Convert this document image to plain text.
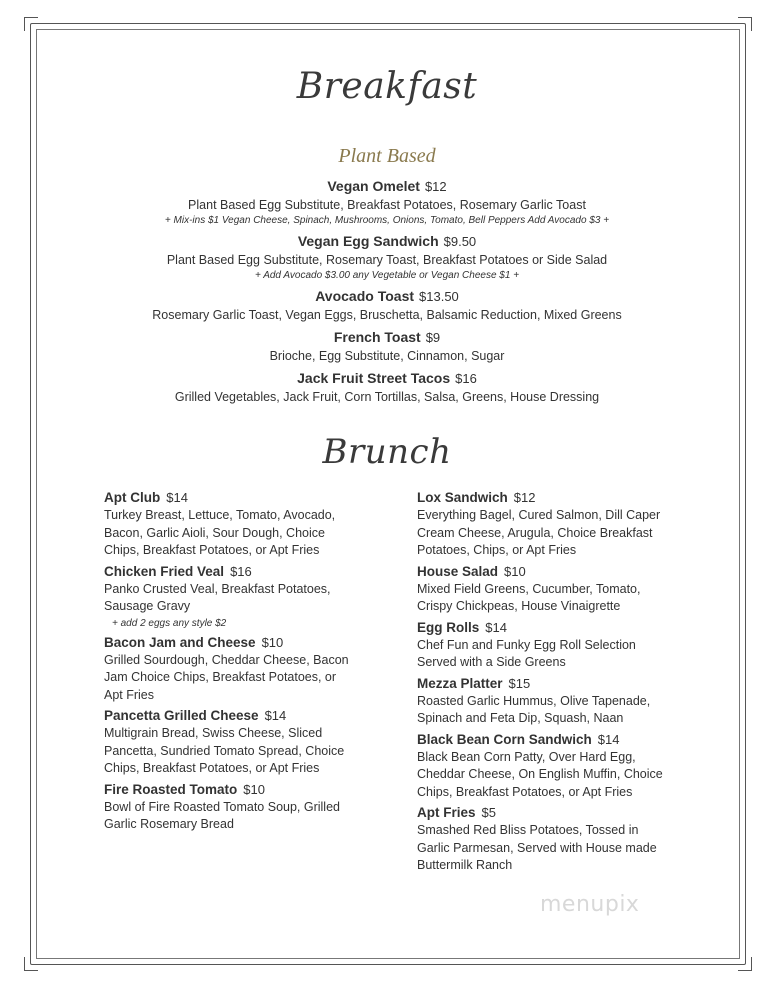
Breakfast
Plant Based
Vegan Omelet $12
Plant Based Egg Substitute, Breakfast Potatoes, Rosemary Garlic Toast
+ Mix-ins $1 Vegan Cheese, Spinach, Mushrooms, Onions, Tomato, Bell Peppers Add Avocado $3 +
Vegan Egg Sandwich $9.50
Plant Based Egg Substitute, Rosemary Toast, Breakfast Potatoes or Side Salad
+ Add Avocado $3.00 any Vegetable or Vegan Cheese $1 +
Avocado Toast $13.50
Rosemary Garlic Toast, Vegan Eggs, Bruschetta, Balsamic Reduction, Mixed Greens
French Toast $9
Brioche, Egg Substitute, Cinnamon, Sugar
Jack Fruit Street Tacos $16
Grilled Vegetables, Jack Fruit, Corn Tortillas, Salsa, Greens, House Dressing
Brunch
Apt Club $14
Turkey Breast, Lettuce, Tomato, Avocado,
Bacon, Garlic Aioli, Sour Dough, Choice
Chips, Breakfast Potatoes, or Apt Fries
Chicken Fried Veal $16
Panko Crusted Veal, Breakfast Potatoes,
Sausage Gravy
+ add 2 eggs any style $2
Bacon Jam and Cheese $10
Grilled Sourdough, Cheddar Cheese, Bacon
Jam Choice Chips, Breakfast Potatoes, or
Apt Fries
Pancetta Grilled Cheese $14
Multigrain Bread, Swiss Cheese, Sliced
Pancetta, Sundried Tomato Spread, Choice
Chips, Breakfast Potatoes, or Apt Fries
Fire Roasted Tomato $10
Bowl of Fire Roasted Tomato Soup, Grilled
Garlic Rosemary Bread
Lox Sandwich $12
Everything Bagel, Cured Salmon, Dill Caper
Cream Cheese, Arugula, Choice Breakfast
Potatoes, Chips, or Apt Fries
House Salad $10
Mixed Field Greens, Cucumber, Tomato,
Crispy Chickpeas, House Vinaigrette
Egg Rolls $14
Chef Fun and Funky Egg Roll Selection
Served with a Side Greens
Mezza Platter $15
Roasted Garlic Hummus, Olive Tapenade,
Spinach and Feta Dip, Squash, Naan
Black Bean Corn Sandwich $14
Black Bean Corn Patty, Over Hard Egg,
Cheddar Cheese, On English Muffin, Choice
Chips, Breakfast Potatoes, or Apt Fries
Apt Fries $5
Smashed Red Bliss Potatoes, Tossed in
Garlic Parmesan, Served with House made
Buttermilk Ranch
menupix
